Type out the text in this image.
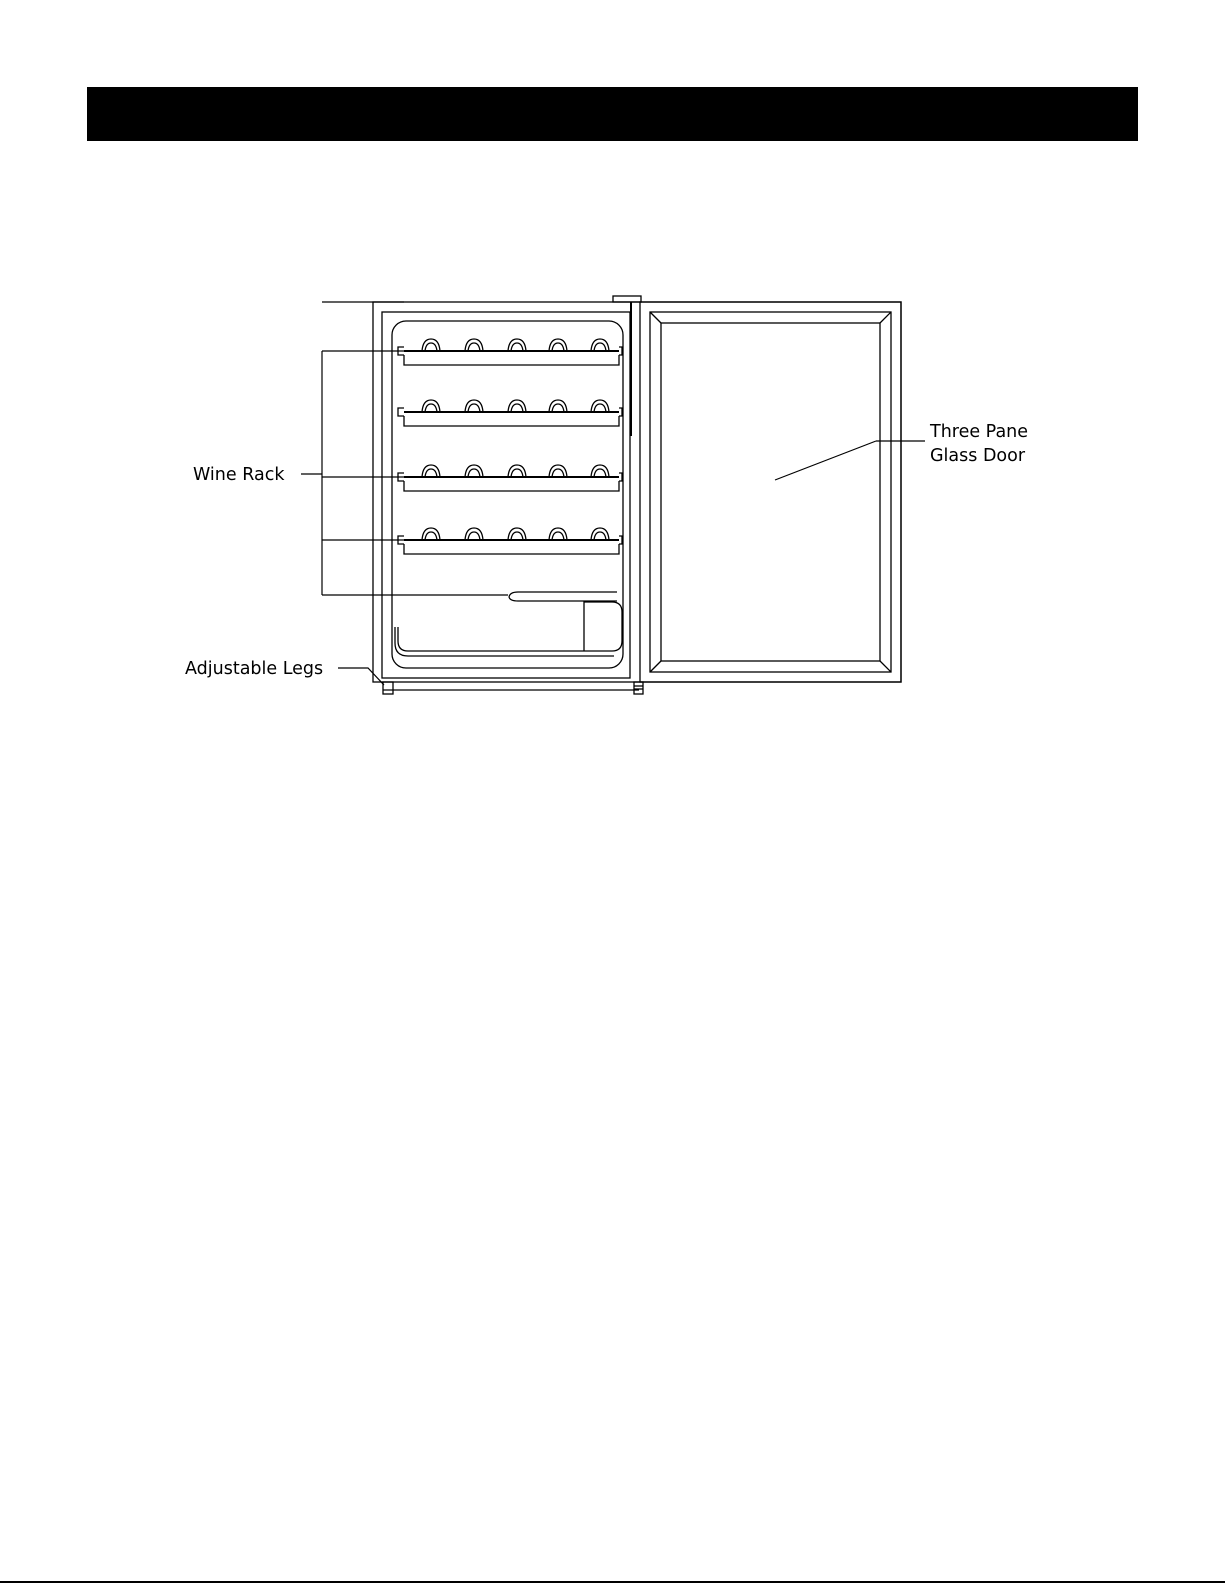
Wine Rack
Adjustable Legs
Three Pane
Glass Door
